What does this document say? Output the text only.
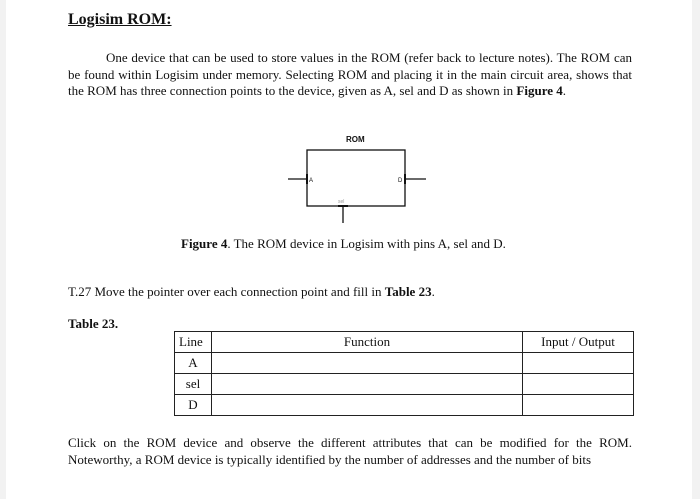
Logisim ROM:

One device that can be used to store values in the ROM (refer back to lecture notes). The ROM can be found within Logisim under memory. Selecting ROM and placing it in the main circuit area, shows that the ROM has three connection points to the device, given as A, sel and D as shown in Figure 4.

ROM
A	D
sel
Figure 4. The ROM device in Logisim with pins A, sel and D.
T.27 Move the pointer over each connection point and fill in Table 23.
Table 23.
Line	Function	Input / Output
A		
sel		
D		

Click on the ROM device and observe the different attributes that can be modified for the ROM. Noteworthy, a ROM device is typically identified by the number of addresses and the number of bits
